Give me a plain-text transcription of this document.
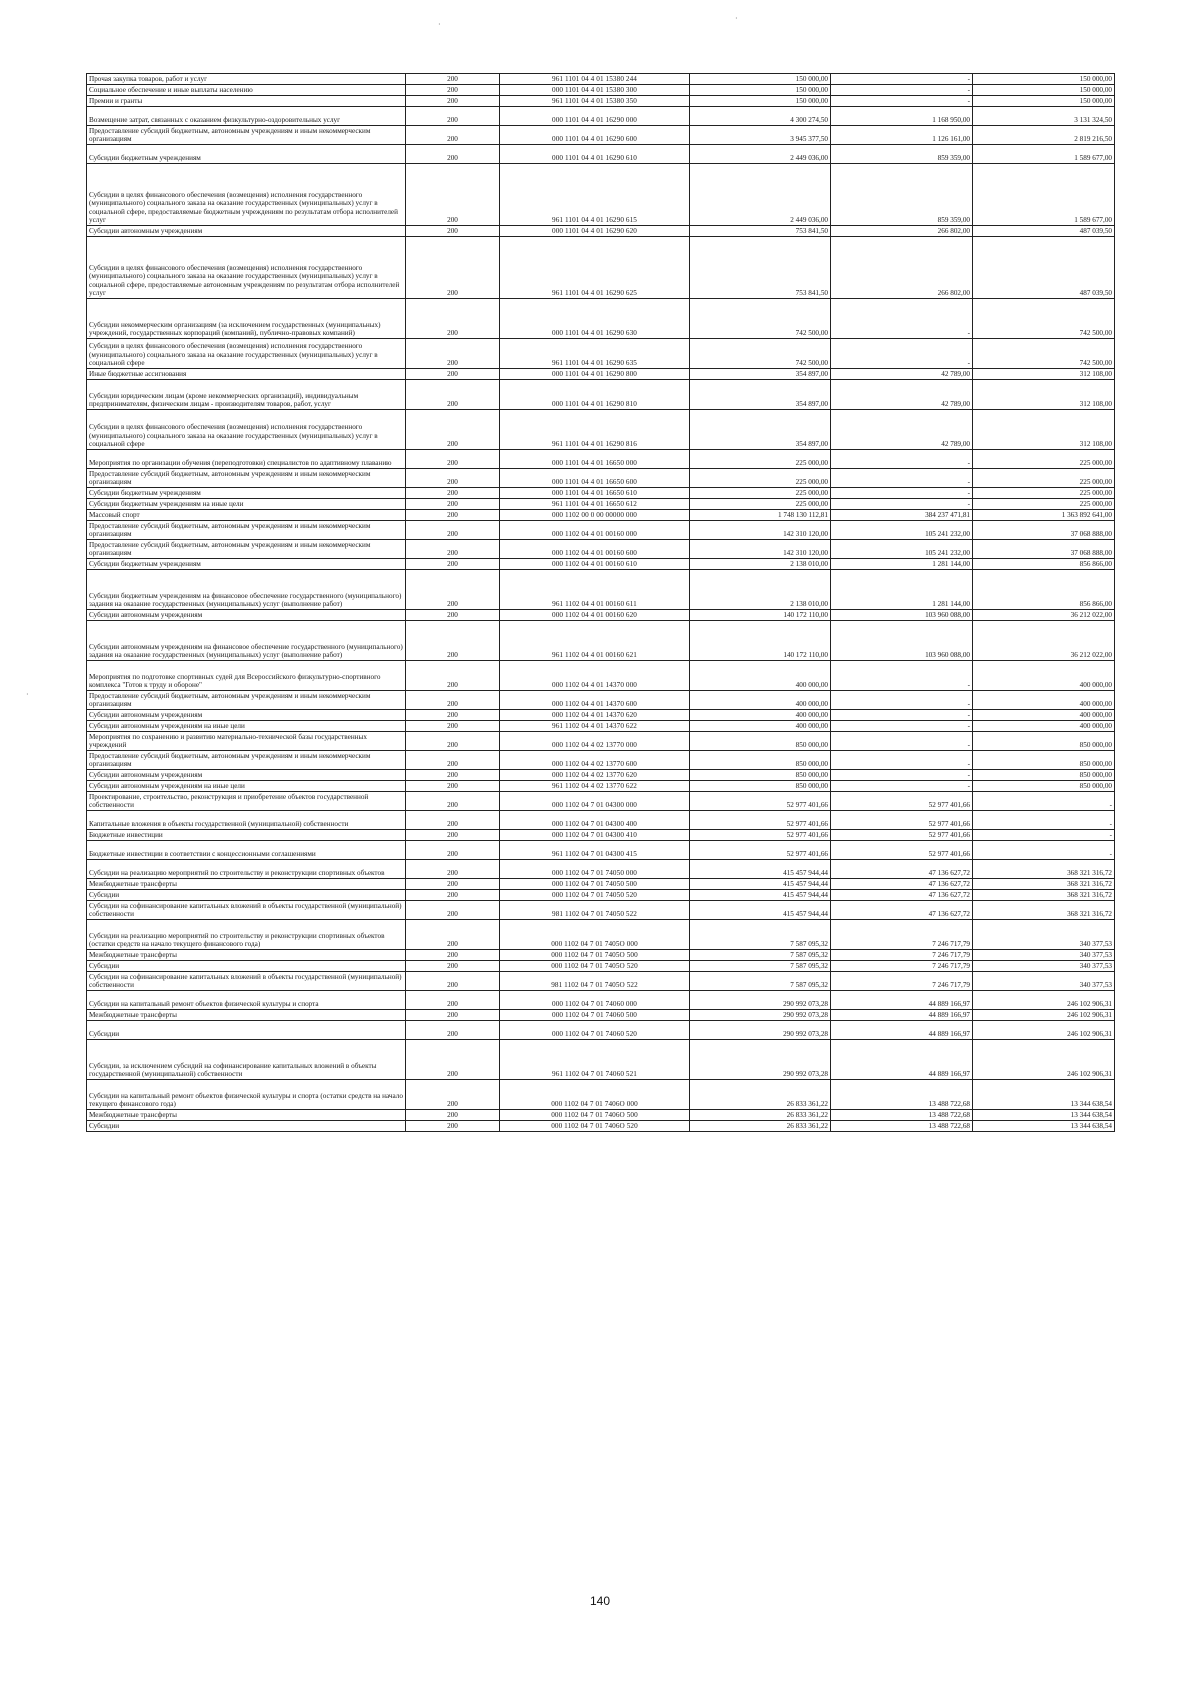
Прочая закупка товаров, работ и услуг	200	961 1101 04 4 01 15380 244	150 000,00	-	150 000,00
Социальное обеспечение и иные выплаты населению	200	000 1101 04 4 01 15380 300	150 000,00	-	150 000,00
Премии и гранты	200	961 1101 04 4 01 15380 350	150 000,00	-	150 000,00
Возмещение затрат, связанных с оказанием физкультурно-оздоровительных услуг	200	000 1101 04 4 01 16290 000	4 300 274,50	1 168 950,00	3 131 324,50
Предоставление субсидий бюджетным, автономным учреждениям и иным некоммерческим организациям	200	000 1101 04 4 01 16290 600	3 945 377,50	1 126 161,00	2 819 216,50
Субсидии бюджетным учреждениям	200	000 1101 04 4 01 16290 610	2 449 036,00	859 359,00	1 589 677,00
Субсидии в целях финансового обеспечения (возмещения) исполнения государственного (муниципального) социального заказа на оказание государственных (муниципальных) услуг в социальной сфере, предоставляемые бюджетным учреждениям по результатам отбора исполнителей услуг	200	961 1101 04 4 01 16290 615	2 449 036,00	859 359,00	1 589 677,00
Субсидии автономным учреждениям	200	000 1101 04 4 01 16290 620	753 841,50	266 802,00	487 039,50
Субсидии в целях финансового обеспечения (возмещения) исполнения государственного (муниципального) социального заказа на оказание государственных (муниципальных) услуг в социальной сфере, предоставляемые автономным учреждениям по результатам отбора исполнителей услуг	200	961 1101 04 4 01 16290 625	753 841,50	266 802,00	487 039,50
Субсидии некоммерческим организациям (за исключением государственных (муниципальных) учреждений, государственных корпораций (компаний), публично-правовых компаний)	200	000 1101 04 4 01 16290 630	742 500,00	-	742 500,00
Субсидии в целях финансового обеспечения (возмещения) исполнения государственного (муниципального) социального заказа на оказание государственных (муниципальных) услуг в социальной сфере	200	961 1101 04 4 01 16290 635	742 500,00	-	742 500,00
Иные бюджетные ассигнования	200	000 1101 04 4 01 16290 800	354 897,00	42 789,00	312 108,00
Субсидии юридическим лицам (кроме некоммерческих организаций), индивидуальным предпринимателям, физическим лицам - производителям товаров, работ, услуг	200	000 1101 04 4 01 16290 810	354 897,00	42 789,00	312 108,00
Субсидии в целях финансового обеспечения (возмещения) исполнения государственного (муниципального) социального заказа на оказание государственных (муниципальных) услуг в социальной сфере	200	961 1101 04 4 01 16290 816	354 897,00	42 789,00	312 108,00
Мероприятия по организации обучения (переподготовки) специалистов по адаптивному плаванию	200	000 1101 04 4 01 16650 000	225 000,00	-	225 000,00
Предоставление субсидий бюджетным, автономным учреждениям и иным некоммерческим организациям	200	000 1101 04 4 01 16650 600	225 000,00	-	225 000,00
Субсидии бюджетным учреждениям	200	000 1101 04 4 01 16650 610	225 000,00	-	225 000,00
Субсидии бюджетным учреждениям на иные цели	200	961 1101 04 4 01 16650 612	225 000,00	-	225 000,00
Массовый спорт	200	000 1102 00 0 00 00000 000	1 748 130 112,81	384 237 471,81	1 363 892 641,00
Предоставление субсидий бюджетным, автономным учреждениям и иным некоммерческим организациям	200	000 1102 04 4 01 00160 000	142 310 120,00	105 241 232,00	37 068 888,00
Предоставление субсидий бюджетным, автономным учреждениям и иным некоммерческим организациям	200	000 1102 04 4 01 00160 600	142 310 120,00	105 241 232,00	37 068 888,00
Субсидии бюджетным учреждениям	200	000 1102 04 4 01 00160 610	2 138 010,00	1 281 144,00	856 866,00
Субсидии бюджетным учреждениям на финансовое обеспечение государственного (муниципального) задания на оказание государственных (муниципальных) услуг (выполнение работ)	200	961 1102 04 4 01 00160 611	2 138 010,00	1 281 144,00	856 866,00
Субсидии автономным учреждениям	200	000 1102 04 4 01 00160 620	140 172 110,00	103 960 088,00	36 212 022,00
Субсидии автономным учреждениям на финансовое обеспечение государственного (муниципального) задания на оказание государственных (муниципальных) услуг (выполнение работ)	200	961 1102 04 4 01 00160 621	140 172 110,00	103 960 088,00	36 212 022,00
Мероприятия по подготовке спортивных судей для Всероссийского физкультурно-спортивного комплекса "Готов к труду и обороне"	200	000 1102 04 4 01 14370 000	400 000,00	-	400 000,00
Предоставление субсидий бюджетным, автономным учреждениям и иным некоммерческим организациям	200	000 1102 04 4 01 14370 600	400 000,00	-	400 000,00
Субсидии автономным учреждениям	200	000 1102 04 4 01 14370 620	400 000,00	-	400 000,00
Субсидии автономным учреждениям на иные цели	200	961 1102 04 4 01 14370 622	400 000,00	-	400 000,00
Мероприятия по сохранению и развитию материально-технической базы государственных учреждений	200	000 1102 04 4 02 13770 000	850 000,00	-	850 000,00
Предоставление субсидий бюджетным, автономным учреждениям и иным некоммерческим организациям	200	000 1102 04 4 02 13770 600	850 000,00	-	850 000,00
Субсидии автономным учреждениям	200	000 1102 04 4 02 13770 620	850 000,00	-	850 000,00
Субсидии автономным учреждениям на иные цели	200	961 1102 04 4 02 13770 622	850 000,00	-	850 000,00
Проектирование, строительство, реконструкция и приобретение объектов государственной собственности	200	000 1102 04 7 01 04300 000	52 977 401,66	52 977 401,66	-
Капитальные вложения в объекты государственной (муниципальной) собственности	200	000 1102 04 7 01 04300 400	52 977 401,66	52 977 401,66	-
Бюджетные инвестиции	200	000 1102 04 7 01 04300 410	52 977 401,66	52 977 401,66	-
Бюджетные инвестиции в соответствии с концессионными соглашениями	200	961 1102 04 7 01 04300 415	52 977 401,66	52 977 401,66	-
Субсидии на реализацию мероприятий по строительству и реконструкции спортивных объектов	200	000 1102 04 7 01 74050 000	415 457 944,44	47 136 627,72	368 321 316,72
Межбюджетные трансферты	200	000 1102 04 7 01 74050 500	415 457 944,44	47 136 627,72	368 321 316,72
Субсидии	200	000 1102 04 7 01 74050 520	415 457 944,44	47 136 627,72	368 321 316,72
Субсидии на софинансирование капитальных вложений в объекты государственной (муниципальной) собственности	200	981 1102 04 7 01 74050 522	415 457 944,44	47 136 627,72	368 321 316,72
Субсидии на реализацию мероприятий по строительству и реконструкции спортивных объектов (остатки средств на начало текущего финансового года)	200	000 1102 04 7 01 7405О 000	7 587 095,32	7 246 717,79	340 377,53
Межбюджетные трансферты	200	000 1102 04 7 01 7405О 500	7 587 095,32	7 246 717,79	340 377,53
Субсидии	200	000 1102 04 7 01 7405О 520	7 587 095,32	7 246 717,79	340 377,53
Субсидии на софинансирование капитальных вложений в объекты государственной (муниципальной) собственности	200	981 1102 04 7 01 7405О 522	7 587 095,32	7 246 717,79	340 377,53
Субсидии на капитальный ремонт объектов физической культуры и спорта	200	000 1102 04 7 01 74060 000	290 992 073,28	44 889 166,97	246 102 906,31
Межбюджетные трансферты	200	000 1102 04 7 01 74060 500	290 992 073,28	44 889 166,97	246 102 906,31
Субсидии	200	000 1102 04 7 01 74060 520	290 992 073,28	44 889 166,97	246 102 906,31
Субсидии, за исключением субсидий на софинансирование капитальных вложений в объекты государственной (муниципальной) собственности	200	961 1102 04 7 01 74060 521	290 992 073,28	44 889 166,97	246 102 906,31
Субсидии на капитальный ремонт объектов физической культуры и спорта (остатки средств на начало текущего финансового года)	200	000 1102 04 7 01 7406О 000	26 833 361,22	13 488 722,68	13 344 638,54
Межбюджетные трансферты	200	000 1102 04 7 01 7406О 500	26 833 361,22	13 488 722,68	13 344 638,54
Субсидии	200	000 1102 04 7 01 7406О 520	26 833 361,22	13 488 722,68	13 344 638,54
140
·
·
·
